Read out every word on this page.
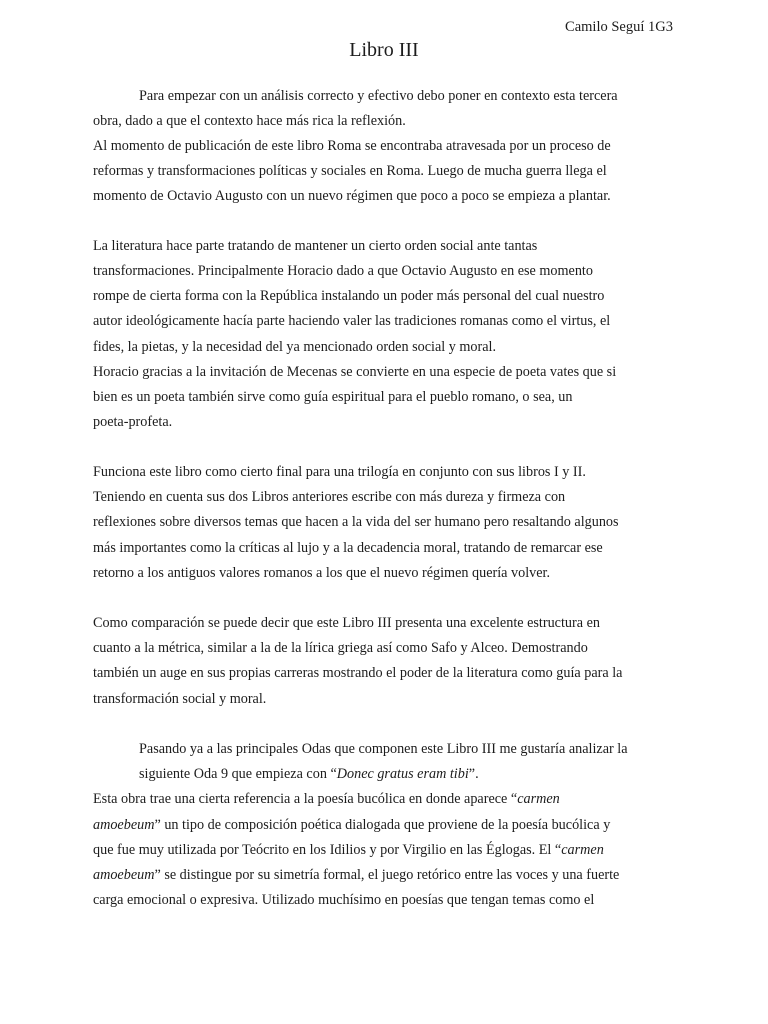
Camilo Seguí 1G3
Libro III
Para empezar con un análisis correcto y efectivo debo poner en contexto esta tercera
obra, dado a que el contexto hace más rica la reflexión.
Al momento de publicación de este libro Roma se encontraba atravesada por un proceso de
reformas y transformaciones políticas y sociales en Roma. Luego de mucha guerra llega el
momento de Octavio Augusto con un nuevo régimen que poco a poco se empieza a plantar.
La literatura hace parte tratando de mantener un cierto orden social ante tantas
transformaciones. Principalmente Horacio dado a que Octavio Augusto en ese momento
rompe de cierta forma con la República instalando un poder más personal del cual nuestro
autor ideológicamente hacía parte haciendo valer las tradiciones romanas como el virtus, el
fides, la pietas, y la necesidad del ya mencionado orden social y moral.
Horacio gracias a la invitación de Mecenas se convierte en una especie de poeta vates que si
bien es un poeta también sirve como guía espiritual para el pueblo romano, o sea, un
poeta-profeta.
Funciona este libro como cierto final para una trilogía en conjunto con sus libros I y II.
Teniendo en cuenta sus dos Libros anteriores escribe con más dureza y firmeza con
reflexiones sobre diversos temas que hacen a la vida del ser humano pero resaltando algunos
más importantes como la críticas al lujo y a la decadencia moral, tratando de remarcar ese
retorno a los antiguos valores romanos a los que el nuevo régimen quería volver.
Como comparación se puede decir que este Libro III presenta una excelente estructura en
cuanto a la métrica, similar a la de la lírica griega así como Safo y Alceo. Demostrando
también un auge en sus propias carreras mostrando el poder de la literatura como guía para la
transformación social y moral.
Pasando ya a las principales Odas que componen este Libro III me gustaría analizar la
siguiente Oda 9 que empieza con “Donec gratus eram tibi”.
Esta obra trae una cierta referencia a la poesía bucólica en donde aparece “carmen
amoebeum” un tipo de composición poética dialogada que proviene de la poesía bucólica y
que fue muy utilizada por Teócrito en los Idilios y por Virgilio en las Églogas. El “carmen
amoebeum” se distingue por su simetría formal, el juego retórico entre las voces y una fuerte
carga emocional o expresiva. Utilizado muchísimo en poesías que tengan temas como el
